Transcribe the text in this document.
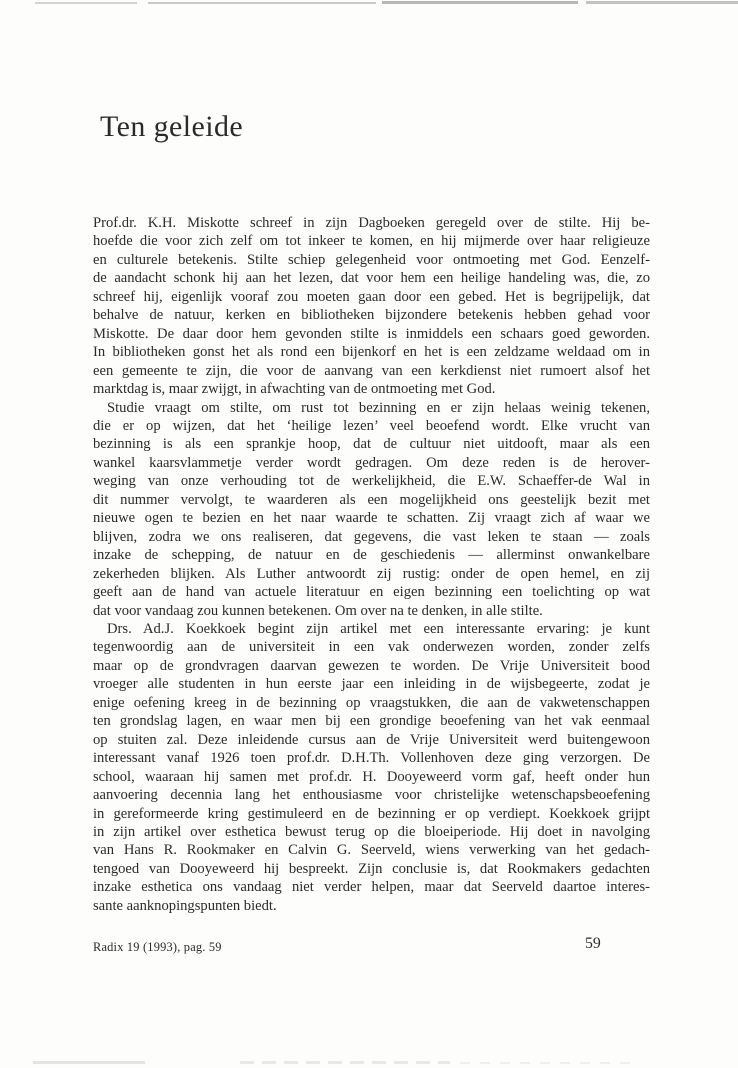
Ten geleide

Prof.dr. K.H. Miskotte schreef in zijn Dagboeken geregeld over de stilte. Hij be-
hoefde die voor zich zelf om tot inkeer te komen, en hij mijmerde over haar religieuze
en culturele betekenis. Stilte schiep gelegenheid voor ontmoeting met God. Eenzelf-
de aandacht schonk hij aan het lezen, dat voor hem een heilige handeling was, die, zo
schreef hij, eigenlijk vooraf zou moeten gaan door een gebed. Het is begrijpelijk, dat
behalve de natuur, kerken en bibliotheken bijzondere betekenis hebben gehad voor
Miskotte. De daar door hem gevonden stilte is inmiddels een schaars goed geworden.
In bibliotheken gonst het als rond een bijenkorf en het is een zeldzame weldaad om in
een gemeente te zijn, die voor de aanvang van een kerkdienst niet rumoert alsof het
marktdag is, maar zwijgt, in afwachting van de ontmoeting met God.

Studie vraagt om stilte, om rust tot bezinning en er zijn helaas weinig tekenen,
die er op wijzen, dat het ‘heilige lezen’ veel beoefend wordt. Elke vrucht van
bezinning is als een sprankje hoop, dat de cultuur niet uitdooft, maar als een
wankel kaarsvlammetje verder wordt gedragen. Om deze reden is de herover-
weging van onze verhouding tot de werkelijkheid, die E.W. Schaeffer-de Wal in
dit nummer vervolgt, te waarderen als een mogelijkheid ons geestelijk bezit met
nieuwe ogen te bezien en het naar waarde te schatten. Zij vraagt zich af waar we
blijven, zodra we ons realiseren, dat gegevens, die vast leken te staan — zoals
inzake de schepping, de natuur en de geschiedenis — allerminst onwankelbare
zekerheden blijken. Als Luther antwoordt zij rustig: onder de open hemel, en zij
geeft aan de hand van actuele literatuur en eigen bezinning een toelichting op wat
dat voor vandaag zou kunnen betekenen. Om over na te denken, in alle stilte.

Drs. Ad.J. Koekkoek begint zijn artikel met een interessante ervaring: je kunt
tegenwoordig aan de universiteit in een vak onderwezen worden, zonder zelfs
maar op de grondvragen daarvan gewezen te worden. De Vrije Universiteit bood
vroeger alle studenten in hun eerste jaar een inleiding in de wijsbegeerte, zodat je
enige oefening kreeg in de bezinning op vraagstukken, die aan de vakwetenschappen
ten grondslag lagen, en waar men bij een grondige beoefening van het vak eenmaal
op stuiten zal. Deze inleidende cursus aan de Vrije Universiteit werd buitengewoon
interessant vanaf 1926 toen prof.dr. D.H.Th. Vollenhoven deze ging verzorgen. De
school, waaraan hij samen met prof.dr. H. Dooyeweerd vorm gaf, heeft onder hun
aanvoering decennia lang het enthousiasme voor christelijke wetenschapsbeoefening
in gereformeerde kring gestimuleerd en de bezinning er op verdiept. Koekkoek grijpt
in zijn artikel over esthetica bewust terug op die bloeiperiode. Hij doet in navolging
van Hans R. Rookmaker en Calvin G. Seerveld, wiens verwerking van het gedach-
tengoed van Dooyeweerd hij bespreekt. Zijn conclusie is, dat Rookmakers gedachten
inzake esthetica ons vandaag niet verder helpen, maar dat Seerveld daartoe interes-
sante aanknopingspunten biedt.

Radix 19 (1993), pag. 59	59
